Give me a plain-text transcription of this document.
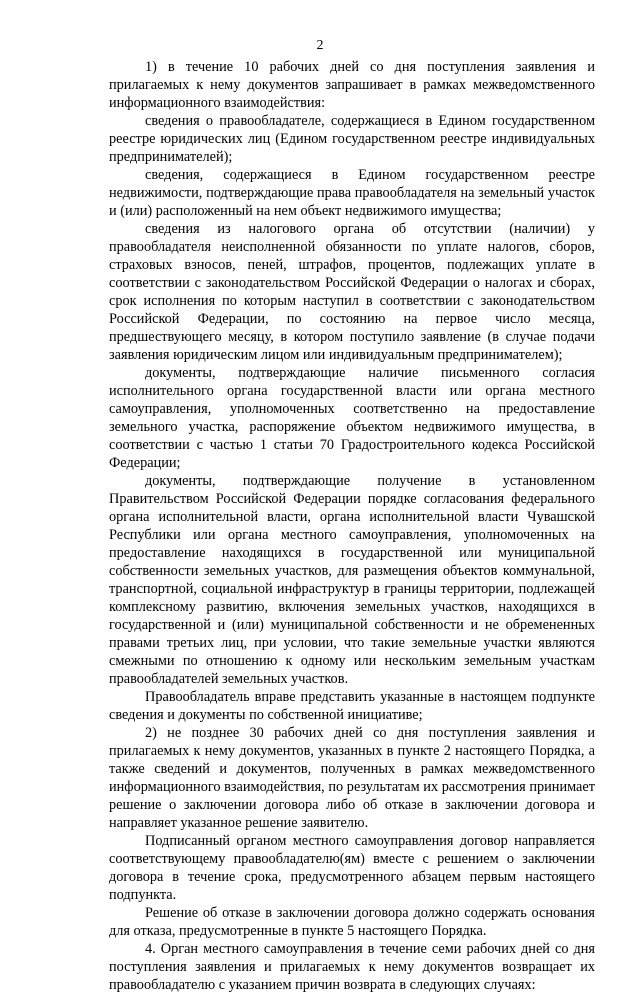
2

1) в течение 10 рабочих дней со дня поступления заявления и прилагаемых к нему документов запрашивает в рамках межведомственного информационного взаимодействия:

сведения о правообладателе, содержащиеся в Едином государственном реестре юридических лиц (Едином государственном реестре индивидуальных предпринимателей);

сведения, содержащиеся в Едином государственном реестре недвижимости, подтверждающие права правообладателя на земельный участок и (или) расположенный на нем объект недвижимого имущества;

сведения из налогового органа об отсутствии (наличии) у правообладателя неисполненной обязанности по уплате налогов, сборов, страховых взносов, пеней, штрафов, процентов, подлежащих уплате в соответствии с законодательством Российской Федерации о налогах и сборах, срок исполнения по которым наступил в соответствии с законодательством Российской Федерации, по состоянию на первое число месяца, предшествующего месяцу, в котором поступило заявление (в случае подачи заявления юридическим лицом или индивидуальным предпринимателем);

документы, подтверждающие наличие письменного согласия исполнительного органа государственной власти или органа местного самоуправления, уполномоченных соответственно на предоставление земельного участка, распоряжение объектом недвижимого имущества, в соответствии с частью 1 статьи 70 Градостроительного кодекса Российской Федерации;

документы, подтверждающие получение в установленном Правительством Российской Федерации порядке согласования федерального органа исполнительной власти, органа исполнительной власти Чувашской Республики или органа местного самоуправления, уполномоченных на предоставление находящихся в государственной или муниципальной собственности земельных участков, для размещения объектов коммунальной, транспортной, социальной инфраструктур в границы территории, подлежащей комплексному развитию, включения земельных участков, находящихся в государственной и (или) муниципальной собственности и не обремененных правами третьих лиц, при условии, что такие земельные участки являются смежными по отношению к одному или нескольким земельным участкам правообладателей земельных участков.

Правообладатель вправе представить указанные в настоящем подпункте сведения и документы по собственной инициативе;

2) не позднее 30 рабочих дней со дня поступления заявления и прилагаемых к нему документов, указанных в пункте 2 настоящего Порядка, а также сведений и документов, полученных в рамках межведомственного информационного взаимодействия, по результатам их рассмотрения принимает решение о заключении договора либо об отказе в заключении договора и направляет указанное решение заявителю.

Подписанный органом местного самоуправления договор направляется соответствующему правообладателю(ям) вместе с решением о заключении договора в течение срока, предусмотренного абзацем первым настоящего подпункта.

Решение об отказе в заключении договора должно содержать основания для отказа, предусмотренные в пункте 5 настоящего Порядка.

4. Орган местного самоуправления в течение семи рабочих дней со дня поступления заявления и прилагаемых к нему документов возвращает их правообладателю с указанием причин возврата в следующих случаях:
